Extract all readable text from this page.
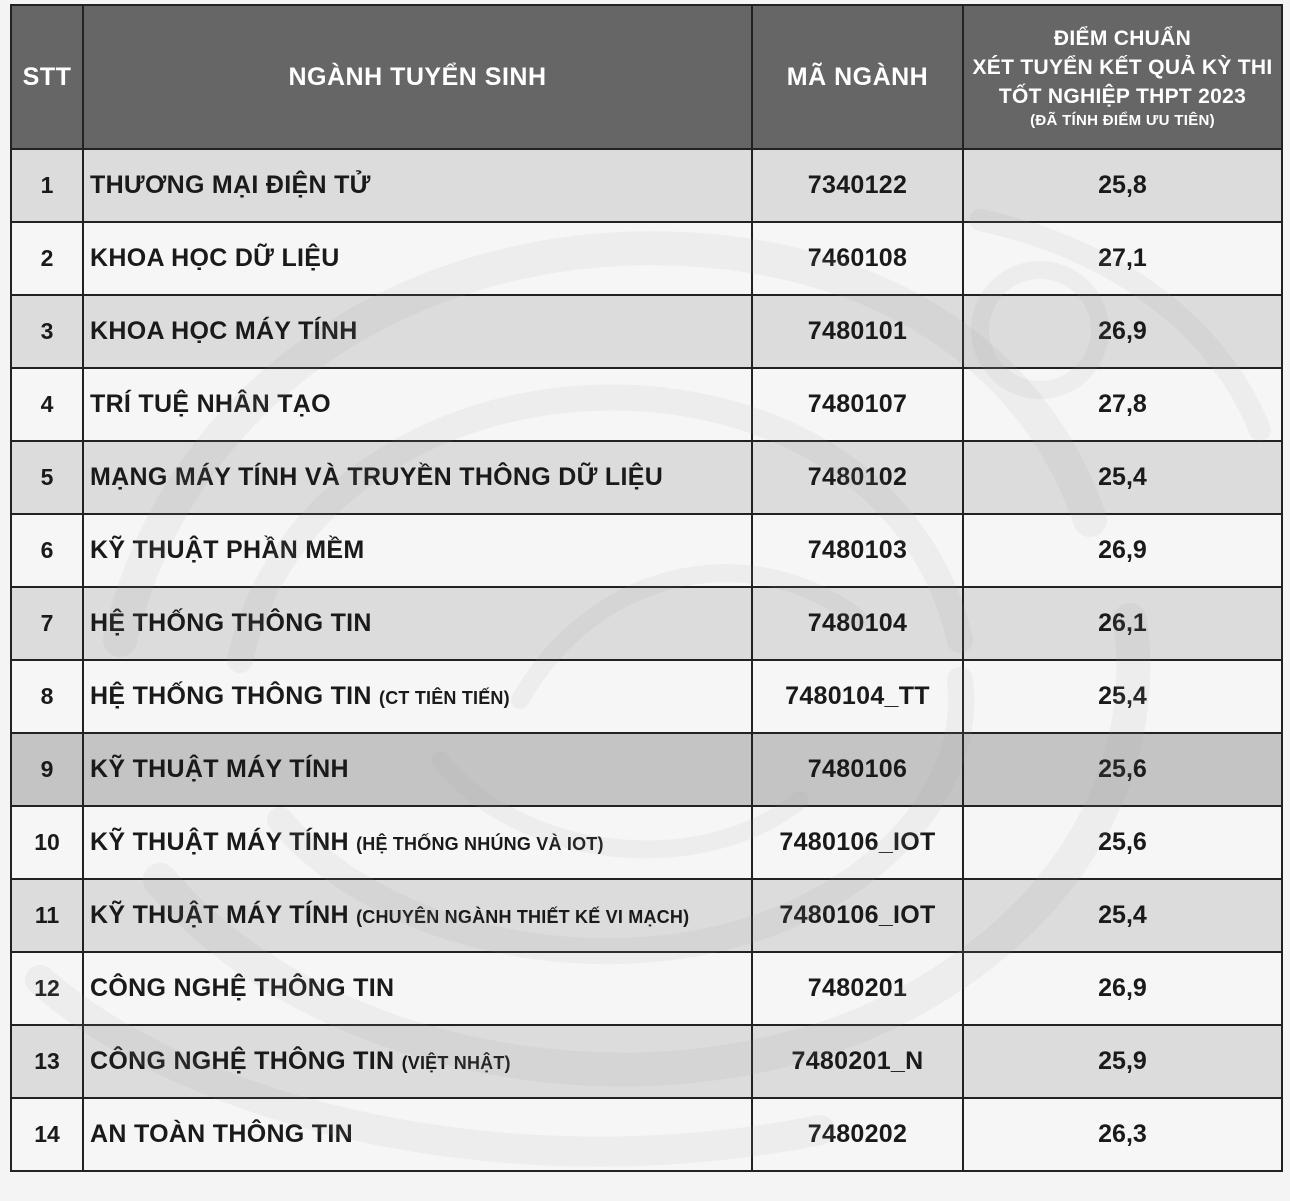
STT	NGÀNH TUYỂN SINH	MÃ NGÀNH	ĐIỂM CHUẨN
XÉT TUYỂN KẾT QUẢ KỲ THI
TỐT NGHIỆP THPT 2023
(ĐÃ TÍNH ĐIỂM ƯU TIÊN)

1	THƯƠNG MẠI ĐIỆN TỬ	7340122	25,8
2	KHOA HỌC DỮ LIỆU	7460108	27,1
3	KHOA HỌC MÁY TÍNH	7480101	26,9
4	TRÍ TUỆ NHÂN TẠO	7480107	27,8
5	MẠNG MÁY TÍNH VÀ TRUYỀN THÔNG DỮ LIỆU	7480102	25,4
6	KỸ THUẬT PHẦN MỀM	7480103	26,9
7	HỆ THỐNG THÔNG TIN	7480104	26,1
8	HỆ THỐNG THÔNG TIN (CT TIÊN TIẾN)	7480104_TT	25,4
9	KỸ THUẬT MÁY TÍNH	7480106	25,6
10	KỸ THUẬT MÁY TÍNH (HỆ THỐNG NHÚNG VÀ IOT)	7480106_IOT	25,6
11	KỸ THUẬT MÁY TÍNH (CHUYÊN NGÀNH THIẾT KẾ VI MẠCH)	7480106_IOT	25,4
12	CÔNG NGHỆ THÔNG TIN	7480201	26,9
13	CÔNG NGHỆ THÔNG TIN (VIỆT NHẬT)	7480201_N	25,9
14	AN TOÀN THÔNG TIN	7480202	26,3
